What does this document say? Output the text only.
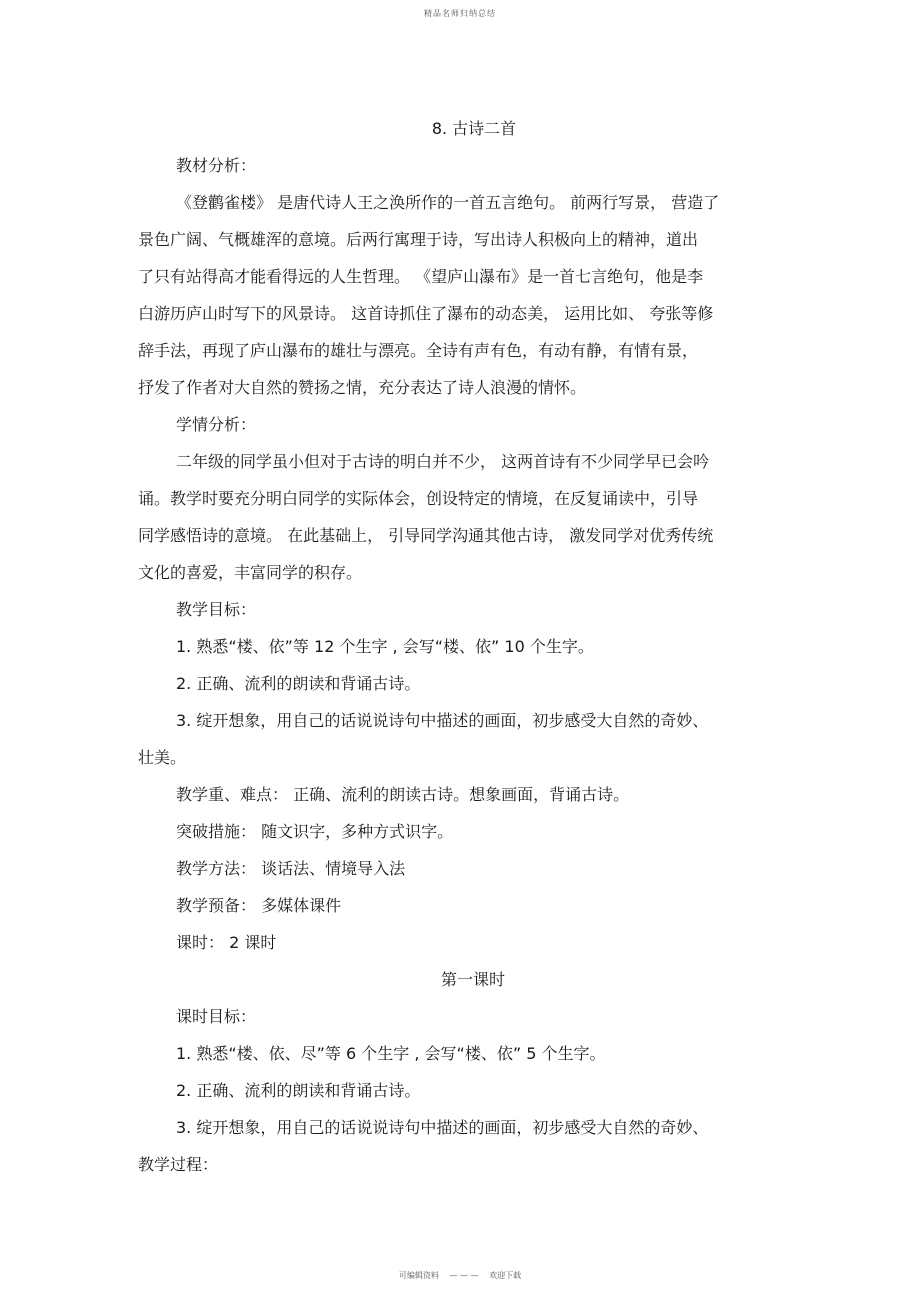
精品名师归纳总结

8. 古诗二首

教材分析：

《登鹳雀楼》 是唐代诗人王之涣所作的一首五言绝句。 前两行写景， 营造了

景色广阔、气概雄浑的意境。后两行寓理于诗，写出诗人积极向上的精神，道出

了只有站得高才能看得远的人生哲理。 《望庐山瀑布》是一首七言绝句，他是李

白游历庐山时写下的风景诗。 这首诗抓住了瀑布的动态美， 运用比如、 夸张等修

辞手法，再现了庐山瀑布的雄壮与漂亮。全诗有声有色，有动有静，有情有景，

抒发了作者对大自然的赞扬之情，充分表达了诗人浪漫的情怀。

学情分析：

二年级的同学虽小但对于古诗的明白并不少， 这两首诗有不少同学早已会吟

诵。教学时要充分明白同学的实际体会，创设特定的情境，在反复诵读中，引导

同学感悟诗的意境。 在此基础上， 引导同学沟通其他古诗， 激发同学对优秀传统

文化的喜爱，丰富同学的积存。

教学目标：

1. 熟悉“楼、依”等 12 个生字 , 会写“楼、依” 10 个生字。

2. 正确、流利的朗读和背诵古诗。

3. 绽开想象，用自己的话说说诗句中描述的画面，初步感受大自然的奇妙、

壮美。

教学重、难点： 正确、流利的朗读古诗。想象画面，背诵古诗。

突破措施： 随文识字，多种方式识字。

教学方法： 谈话法、情境导入法

教学预备： 多媒体课件

课时： 2 课时

第一课时

课时目标：

1. 熟悉“楼、依、尽”等 6 个生字 , 会写“楼、依” 5 个生字。

2. 正确、流利的朗读和背诵古诗。

3. 绽开想象，用自己的话说说诗句中描述的画面，初步感受大自然的奇妙、

教学过程：

可编辑资料 — — — 欢迎下载
